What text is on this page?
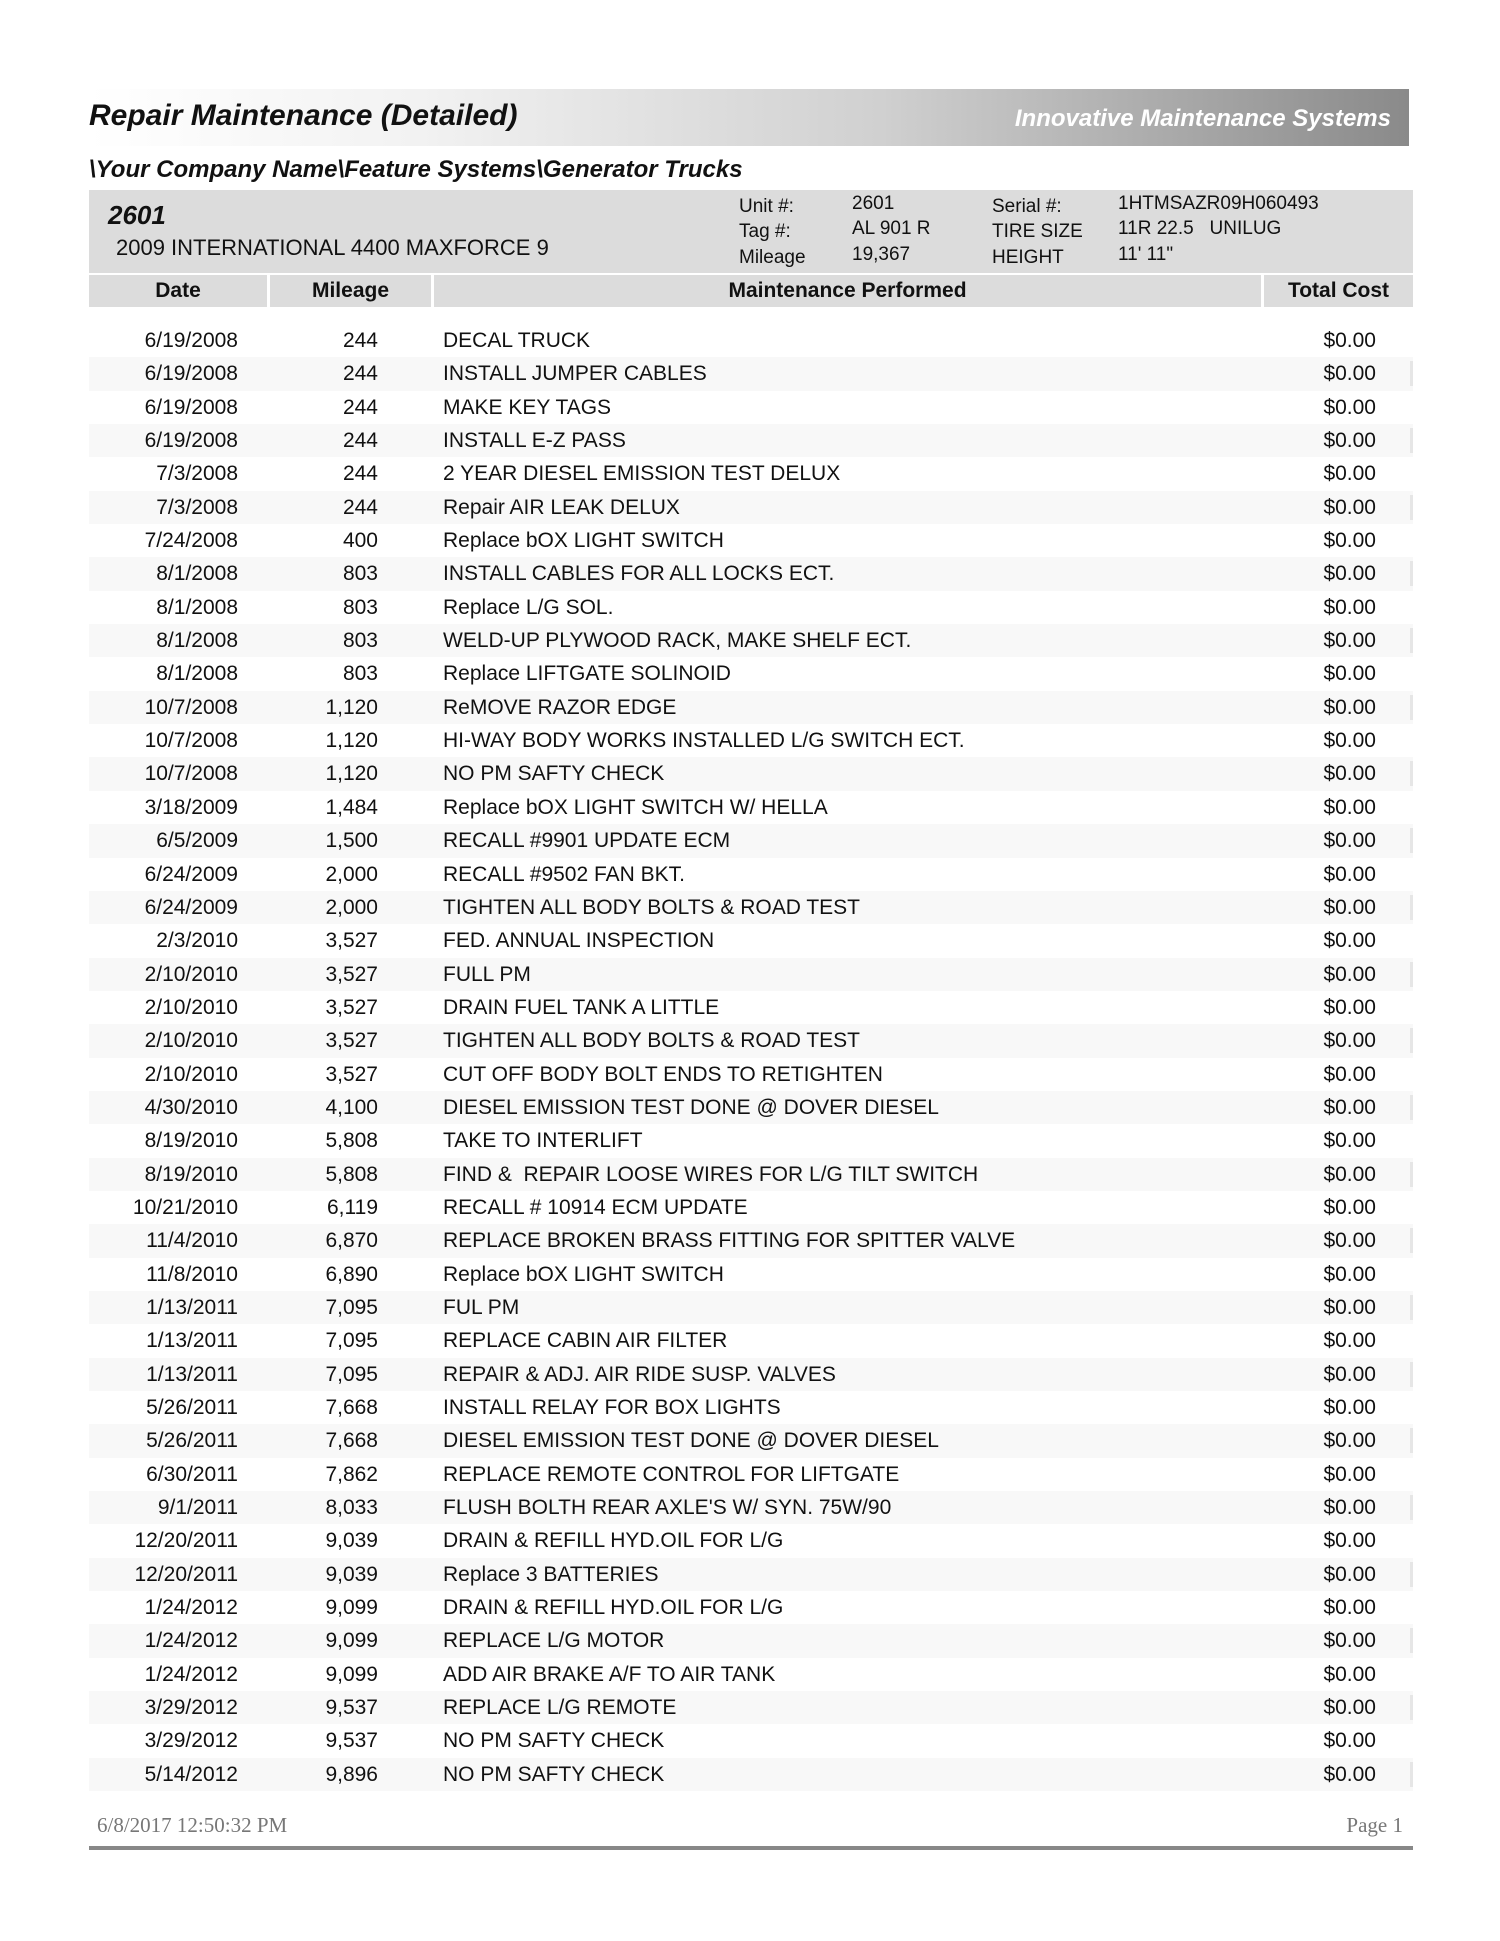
Repair Maintenance (Detailed)	Innovative Maintenance Systems
\Your Company Name\Feature Systems\Generator Trucks
2601
2009 INTERNATIONAL 4400 MAXFORCE 9
Unit #:	2601
Tag #:	AL 901 R
Mileage 19,367
Serial #:	1HTMSAZR09H060493
TIRE SIZE 11R 22.5   UNILUG
HEIGHT	11' 11"
Date	Mileage	Maintenance Performed	Total Cost
6/19/2008	244	DECAL TRUCK	$0.00
6/19/2008	244	INSTALL JUMPER CABLES	$0.00
6/19/2008	244	MAKE KEY TAGS	$0.00
6/19/2008	244	INSTALL E-Z PASS	$0.00
7/3/2008	244	2 YEAR DIESEL EMISSION TEST DELUX	$0.00
7/3/2008	244	Repair AIR LEAK DELUX	$0.00
7/24/2008	400	Replace bOX LIGHT SWITCH	$0.00
8/1/2008	803	INSTALL CABLES FOR ALL LOCKS ECT.	$0.00
8/1/2008	803	Replace L/G SOL.	$0.00
8/1/2008	803	WELD-UP PLYWOOD RACK, MAKE SHELF ECT.	$0.00
8/1/2008	803	Replace LIFTGATE SOLINOID	$0.00
10/7/2008	1,120	ReMOVE RAZOR EDGE	$0.00
10/7/2008	1,120	HI-WAY BODY WORKS INSTALLED L/G SWITCH ECT.	$0.00
10/7/2008	1,120	NO PM SAFTY CHECK	$0.00
3/18/2009	1,484	Replace bOX LIGHT SWITCH W/ HELLA	$0.00
6/5/2009	1,500	RECALL #9901 UPDATE ECM	$0.00
6/24/2009	2,000	RECALL #9502 FAN BKT.	$0.00
6/24/2009	2,000	TIGHTEN ALL BODY BOLTS & ROAD TEST	$0.00
2/3/2010	3,527	FED. ANNUAL INSPECTION	$0.00
2/10/2010	3,527	FULL PM	$0.00
2/10/2010	3,527	DRAIN FUEL TANK A LITTLE	$0.00
2/10/2010	3,527	TIGHTEN ALL BODY BOLTS & ROAD TEST	$0.00
2/10/2010	3,527	CUT OFF BODY BOLT ENDS TO RETIGHTEN	$0.00
4/30/2010	4,100	DIESEL EMISSION TEST DONE @ DOVER DIESEL	$0.00
8/19/2010	5,808	TAKE TO INTERLIFT	$0.00
8/19/2010	5,808	FIND &  REPAIR LOOSE WIRES FOR L/G TILT SWITCH	$0.00
10/21/2010	6,119	RECALL # 10914 ECM UPDATE	$0.00
11/4/2010	6,870	REPLACE BROKEN BRASS FITTING FOR SPITTER VALVE	$0.00
11/8/2010	6,890	Replace bOX LIGHT SWITCH	$0.00
1/13/2011	7,095	FUL PM	$0.00
1/13/2011	7,095	REPLACE CABIN AIR FILTER	$0.00
1/13/2011	7,095	REPAIR & ADJ. AIR RIDE SUSP. VALVES	$0.00
5/26/2011	7,668	INSTALL RELAY FOR BOX LIGHTS	$0.00
5/26/2011	7,668	DIESEL EMISSION TEST DONE @ DOVER DIESEL	$0.00
6/30/2011	7,862	REPLACE REMOTE CONTROL FOR LIFTGATE	$0.00
9/1/2011	8,033	FLUSH BOLTH REAR AXLE'S W/ SYN. 75W/90	$0.00
12/20/2011	9,039	DRAIN & REFILL HYD.OIL FOR L/G	$0.00
12/20/2011	9,039	Replace 3 BATTERIES	$0.00
1/24/2012	9,099	DRAIN & REFILL HYD.OIL FOR L/G	$0.00
1/24/2012	9,099	REPLACE L/G MOTOR	$0.00
1/24/2012	9,099	ADD AIR BRAKE A/F TO AIR TANK	$0.00
3/29/2012	9,537	REPLACE L/G REMOTE	$0.00
3/29/2012	9,537	NO PM SAFTY CHECK	$0.00
5/14/2012	9,896	NO PM SAFTY CHECK	$0.00
6/8/2017 12:50:32 PM	Page 1
